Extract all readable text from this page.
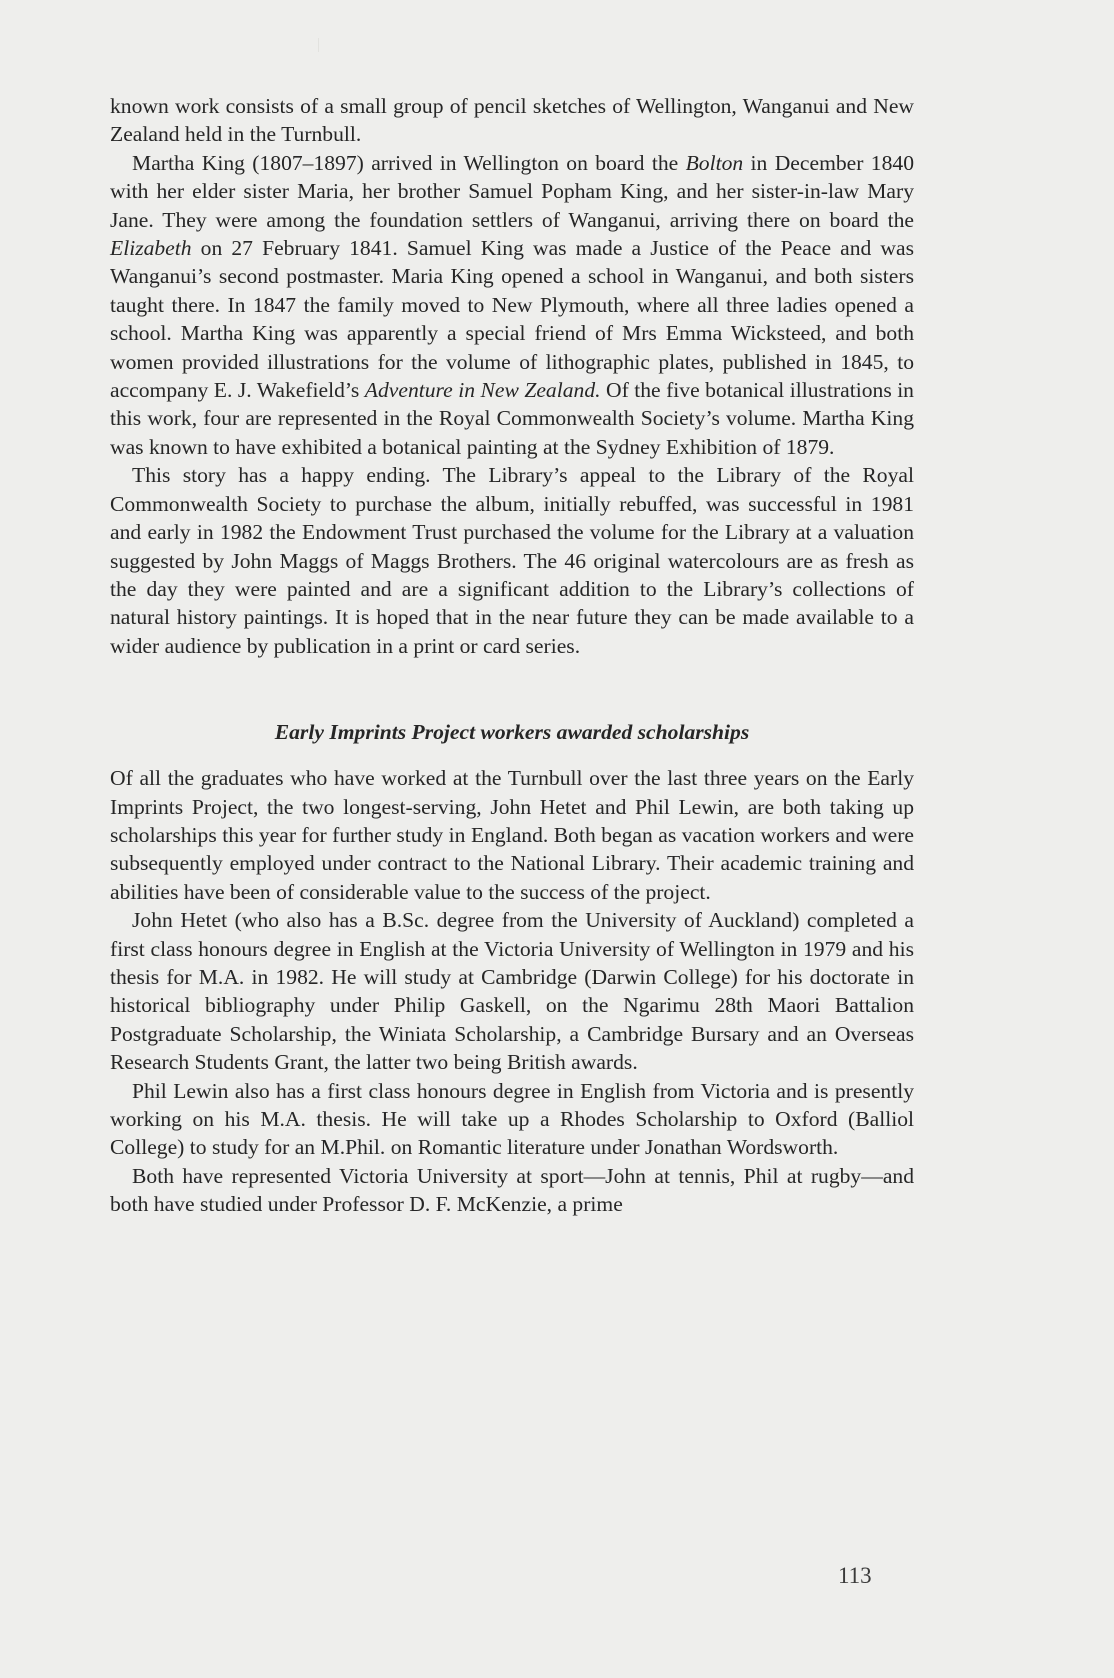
known work consists of a small group of pencil sketches of Wellington, Wanganui and New Zealand held in the Turnbull.

Martha King (1807–1897) arrived in Wellington on board the Bolton in December 1840 with her elder sister Maria, her brother Samuel Popham King, and her sister-in-law Mary Jane. They were among the foundation settlers of Wanganui, arriving there on board the Elizabeth on 27 February 1841. Samuel King was made a Justice of the Peace and was Wanganui’s second postmaster. Maria King opened a school in Wanganui, and both sisters taught there. In 1847 the family moved to New Plymouth, where all three ladies opened a school. Martha King was apparently a special friend of Mrs Emma Wicksteed, and both women provided illustrations for the volume of lithographic plates, published in 1845, to accompany E. J. Wakefield’s Adventure in New Zealand. Of the five botanical illustrations in this work, four are represented in the Royal Commonwealth Society’s volume. Martha King was known to have exhibited a botanical painting at the Sydney Exhibition of 1879.

This story has a happy ending. The Library’s appeal to the Library of the Royal Commonwealth Society to purchase the album, initially rebuffed, was successful in 1981 and early in 1982 the Endowment Trust purchased the volume for the Library at a valuation suggested by John Maggs of Maggs Brothers. The 46 original watercolours are as fresh as the day they were painted and are a significant addition to the Library’s collections of natural history paintings. It is hoped that in the near future they can be made available to a wider audience by publication in a print or card series.

Early Imprints Project workers awarded scholarships

Of all the graduates who have worked at the Turnbull over the last three years on the Early Imprints Project, the two longest-serving, John Hetet and Phil Lewin, are both taking up scholarships this year for further study in England. Both began as vacation workers and were subsequently employed under contract to the National Library. Their academic training and abilities have been of considerable value to the success of the project.

John Hetet (who also has a B.Sc. degree from the University of Auckland) completed a first class honours degree in English at the Victoria University of Wellington in 1979 and his thesis for M.A. in 1982. He will study at Cambridge (Darwin College) for his doctorate in historical bibliography under Philip Gaskell, on the Ngarimu 28th Maori Battalion Postgraduate Scholarship, the Winiata Scholarship, a Cambridge Bursary and an Overseas Research Students Grant, the latter two being British awards.

Phil Lewin also has a first class honours degree in English from Victoria and is presently working on his M.A. thesis. He will take up a Rhodes Scholarship to Oxford (Balliol College) to study for an M.Phil. on Romantic literature under Jonathan Wordsworth.

Both have represented Victoria University at sport—John at tennis, Phil at rugby—and both have studied under Professor D. F. McKenzie, a prime

113
